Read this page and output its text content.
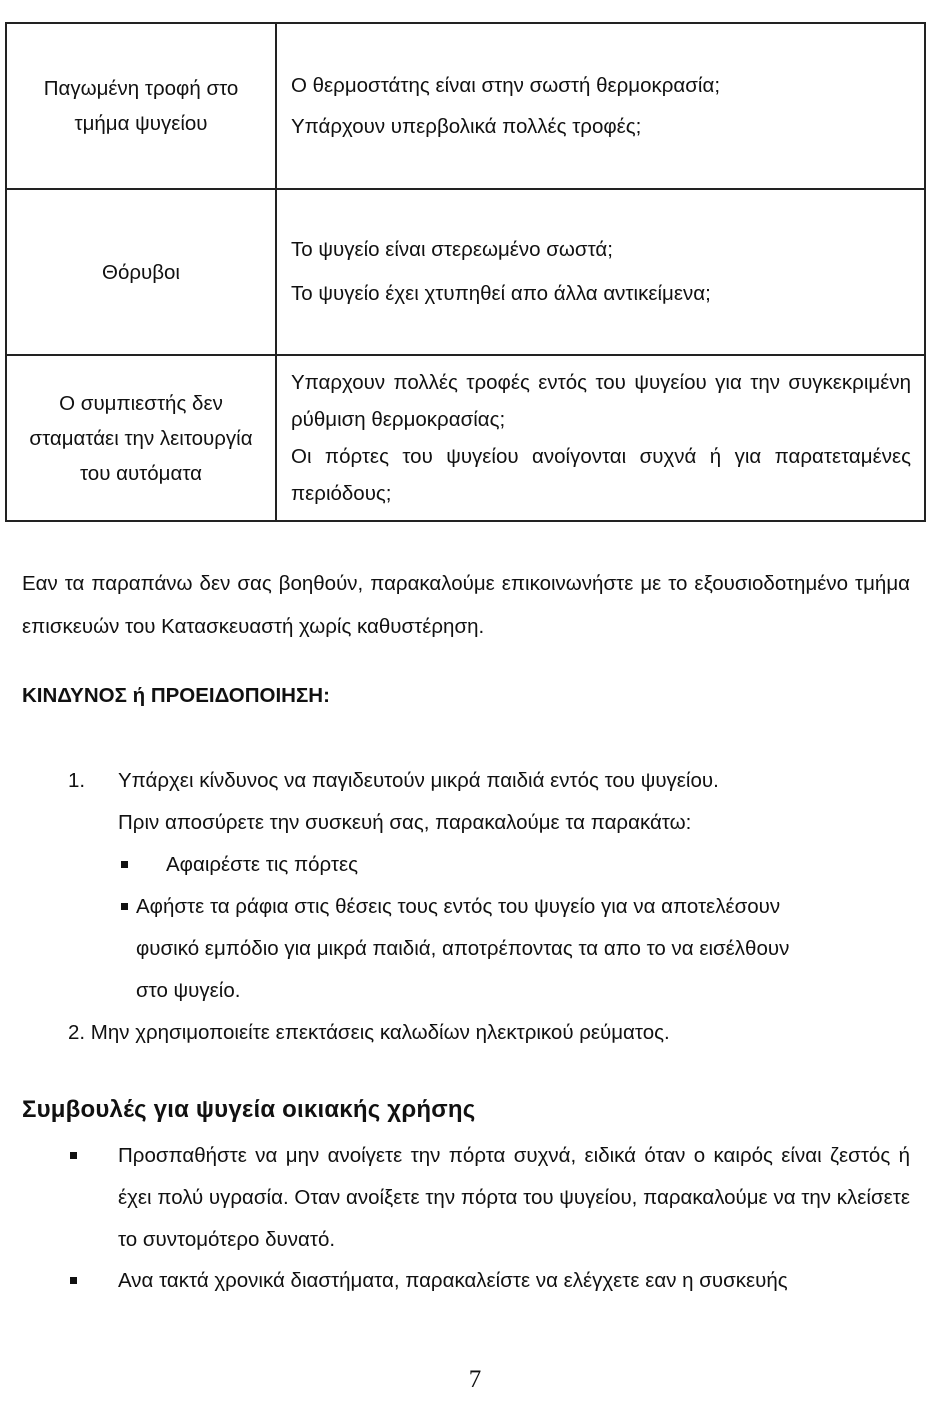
Παγωμένη τροφή στο τμήμα ψυγείου	Ο θερμοστάτης είναι στην σωστή θερμοκρασία;
Υπάρχουν υπερβολικά πολλές τροφές;

Θόρυβοι	Το ψυγείο είναι στερεωμένο σωστά;
Το ψυγείο έχει χτυπηθεί απο άλλα αντικείμενα;

Ο συμπιεστής δεν σταματάει την λειτουργία του αυτόματα	Υπαρχουν πολλές τροφές εντός του ψυγείου για την συγκεκριμένη ρύθμιση θερμοκρασίας;
Οι πόρτες του ψυγείου ανοίγονται συχνά ή για παρατεταμένες περιόδους;
Εαν τα παραπάνω δεν σας βοηθούν, παρακαλούμε επικοινωνήστε με το εξουσιοδοτημένο τμήμα επισκευών του Κατασκευαστή χωρίς καθυστέρηση.
ΚΙΝΔΥΝΟΣ ή ΠΡΟΕΙΔΟΠΟΙΗΣΗ:
1. Υπάρχει κίνδυνος να παγιδευτούν μικρά παιδιά εντός του ψυγείου.
Πριν αποσύρετε την συσκευή σας, παρακαλούμε τα παρακάτω:
Αφαιρέστε τις πόρτες
Αφήστε τα ράφια στις θέσεις τους εντός του ψυγείο για να αποτελέσουν
φυσικό εμπόδιο για μικρά παιδιά, αποτρέποντας τα απο το να εισέλθουν
στο ψυγείο.
2. Μην χρησιμοποιείτε επεκτάσεις καλωδίων ηλεκτρικού ρεύματος.
Συμβουλές για ψυγεία οικιακής χρήσης
Προσπαθήστε να μην ανοίγετε την πόρτα συχνά, ειδικά όταν ο καιρός είναι ζεστός ή έχει πολύ υγρασία. Οταν ανοίξετε την πόρτα του ψυγείου, παρακαλούμε να την κλείσετε το συντομότερο δυνατό.
Ανα τακτά χρονικά διαστήματα, παρακαλείστε να ελέγχετε εαν η συσκευής
7
